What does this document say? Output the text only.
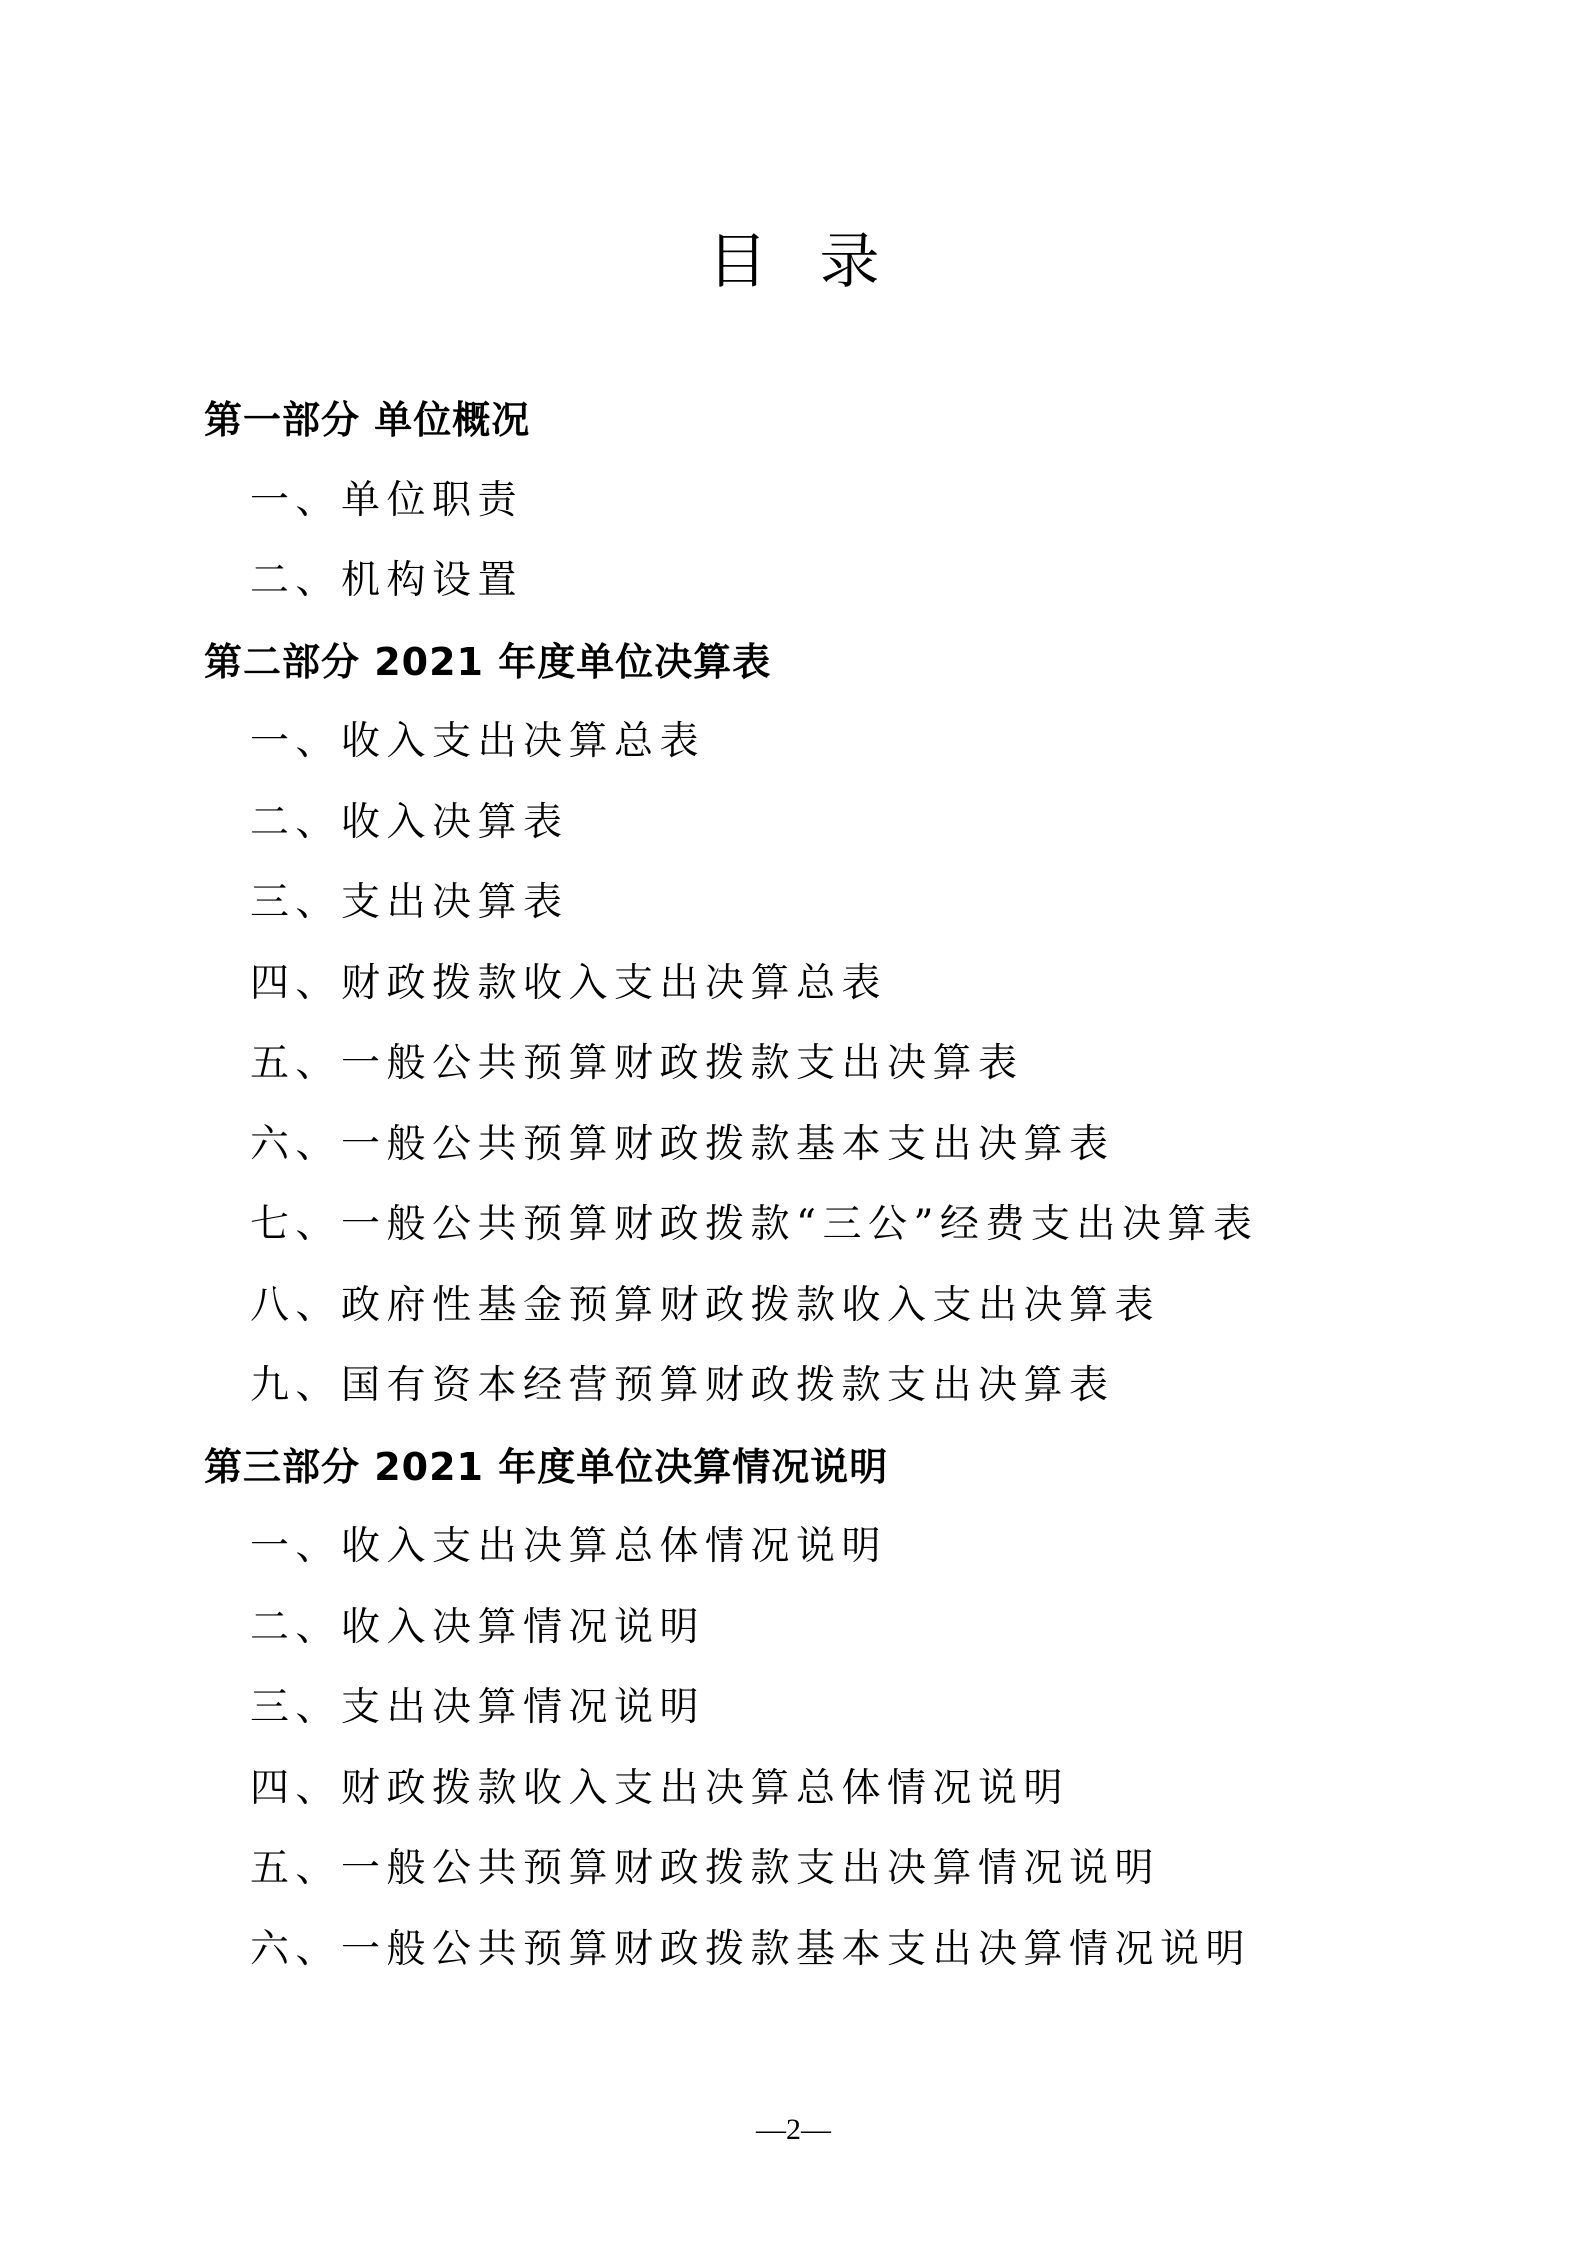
目录
第一部分 单位概况
一、单位职责
二、机构设置
第二部分 2021 年度单位决算表
一、收入支出决算总表
二、收入决算表
三、支出决算表
四、财政拨款收入支出决算总表
五、一般公共预算财政拨款支出决算表
六、一般公共预算财政拨款基本支出决算表
七、一般公共预算财政拨款“三公”经费支出决算表
八、政府性基金预算财政拨款收入支出决算表
九、国有资本经营预算财政拨款支出决算表
第三部分 2021 年度单位决算情况说明
一、收入支出决算总体情况说明
二、收入决算情况说明
三、支出决算情况说明
四、财政拨款收入支出决算总体情况说明
五、一般公共预算财政拨款支出决算情况说明
六、一般公共预算财政拨款基本支出决算情况说明
—2—
